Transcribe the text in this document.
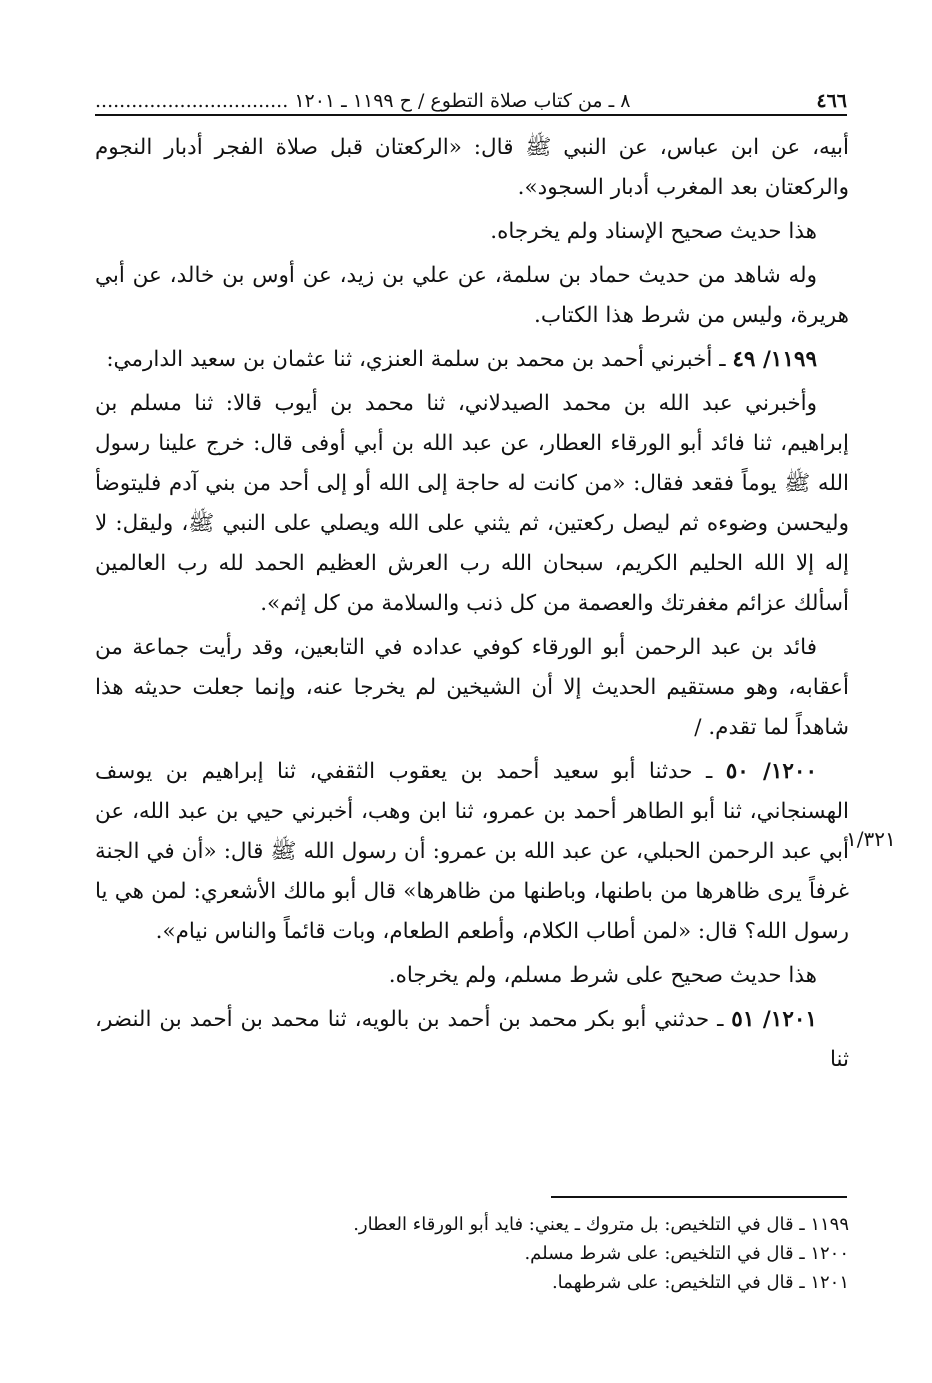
٤٦٦
٨ ـ من كتاب صلاة التطوع / ح ١١٩٩ ـ ١٢٠١ ................................

أبيه، عن ابن عباس، عن النبي ﷺ قال: «الركعتان قبل صلاة الفجر أدبار النجوم والركعتان بعد المغرب أدبار السجود».

هذا حديث صحيح الإسناد ولم يخرجاه.

وله شاهد من حديث حماد بن سلمة، عن علي بن زيد، عن أوس بن خالد، عن أبي هريرة، وليس من شرط هذا الكتاب.

١١٩٩/ ٤٩ ـ أخبرني أحمد بن محمد بن سلمة العنزي، ثنا عثمان بن سعيد الدارمي:

وأخبرني عبد الله بن محمد الصيدلاني، ثنا محمد بن أيوب قالا: ثنا مسلم بن إبراهيم، ثنا فائد أبو الورقاء العطار، عن عبد الله بن أبي أوفى قال: خرج علينا رسول الله ﷺ يوماً فقعد فقال: «من كانت له حاجة إلى الله أو إلى أحد من بني آدم فليتوضأ وليحسن وضوءه ثم ليصل ركعتين، ثم يثني على الله ويصلي على النبي ﷺ، وليقل: لا إله إلا الله الحليم الكريم، سبحان الله رب العرش العظيم الحمد لله رب العالمين أسألك عزائم مغفرتك والعصمة من كل ذنب والسلامة من كل إثم».

فائد بن عبد الرحمن أبو الورقاء كوفي عداده في التابعين، وقد رأيت جماعة من أعقابه، وهو مستقيم الحديث إلا أن الشيخين لم يخرجا عنه، وإنما جعلت حديثه هذا شاهداً لما تقدم. /

١٢٠٠/ ٥٠ ـ حدثنا أبو سعيد أحمد بن يعقوب الثقفي، ثنا إبراهيم بن يوسف الهسنجاني، ثنا أبو الطاهر أحمد بن عمرو، ثنا ابن وهب، أخبرني حيي بن عبد الله، عن أبي عبد الرحمن الحبلي، عن عبد الله بن عمرو: أن رسول الله ﷺ قال: «أن في الجنة غرفاً يرى ظاهرها من باطنها، وباطنها من ظاهرها» قال أبو مالك الأشعري: لمن هي يا رسول الله؟ قال: «لمن أطاب الكلام، وأطعم الطعام، وبات قائماً والناس نيام».

هذا حديث صحيح على شرط مسلم، ولم يخرجاه.

١٢٠١/ ٥١ ـ حدثني أبو بكر محمد بن أحمد بن بالويه، ثنا محمد بن أحمد بن النضر، ثنا

١/٣٢١
١١٩٩ ـ قال في التلخيص: بل متروك ـ يعني: فايد أبو الورقاء العطار.
١٢٠٠ ـ قال في التلخيص: على شرط مسلم.
١٢٠١ ـ قال في التلخيص: على شرطهما.
